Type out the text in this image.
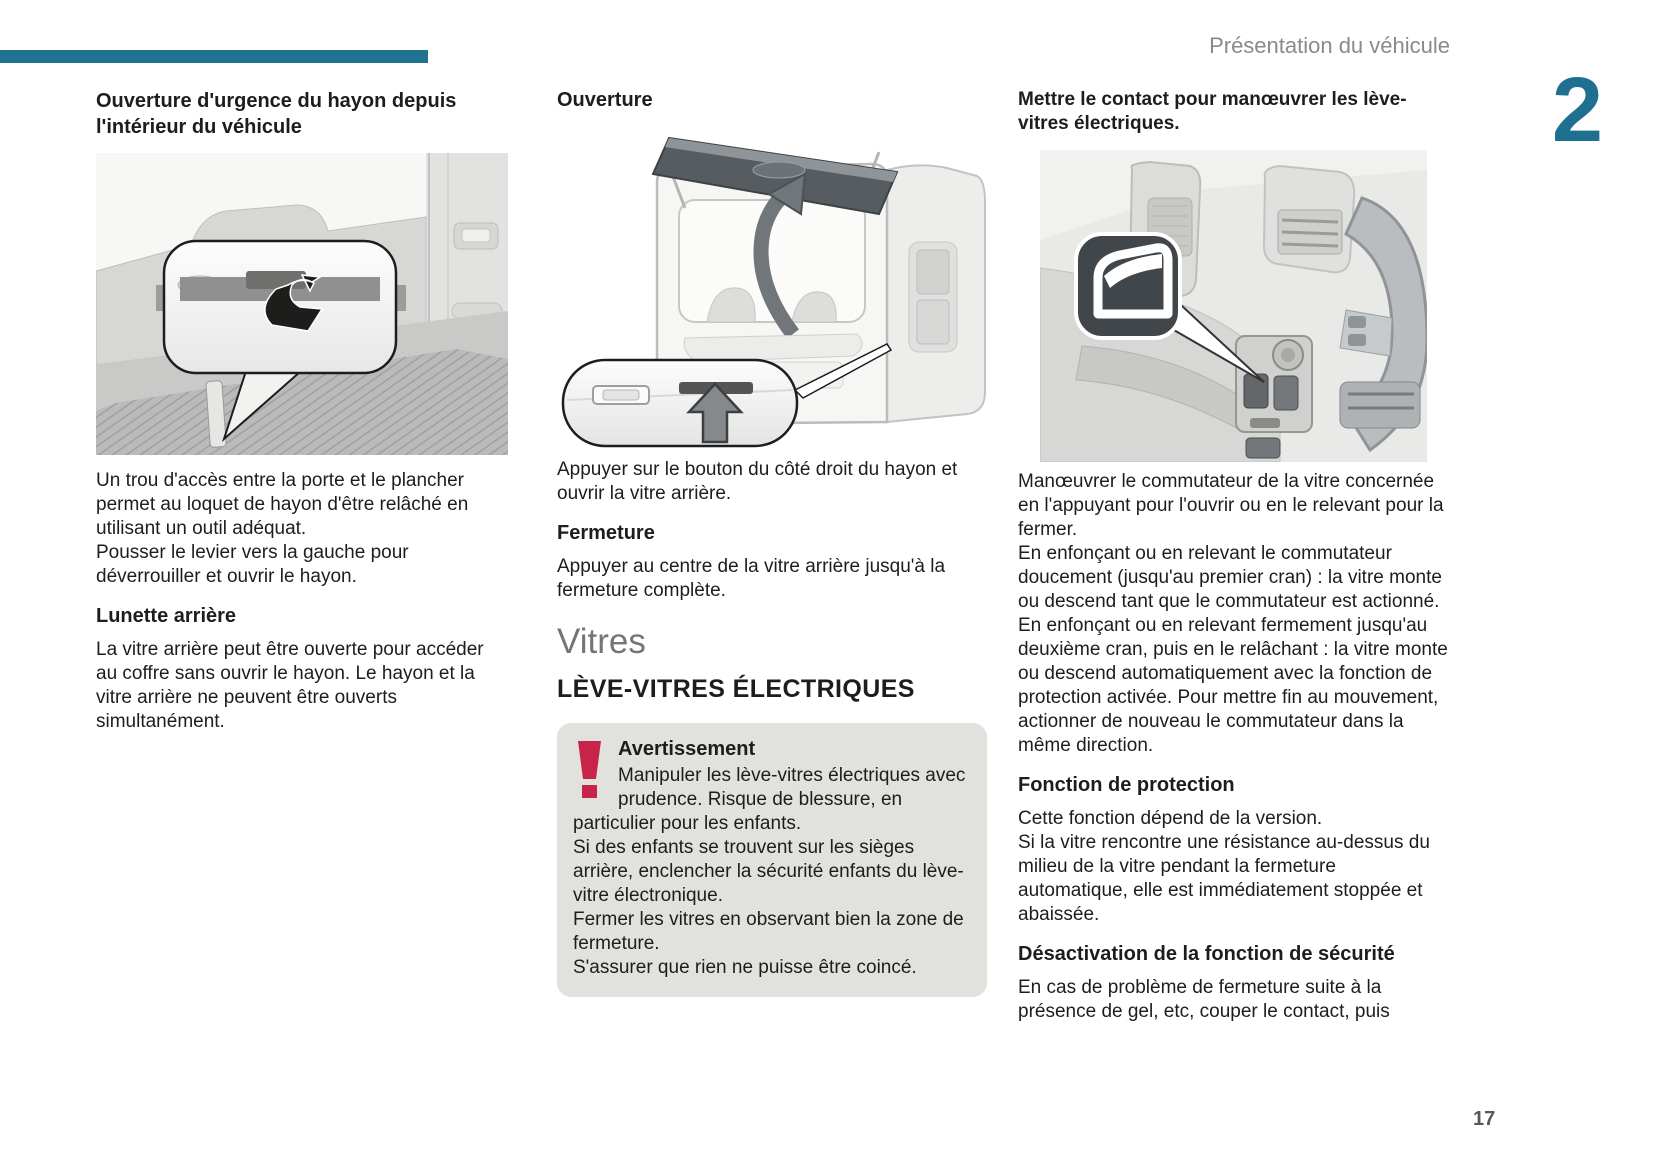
Présentation du véhicule
2
Ouverture d'urgence du hayon depuis l'intérieur du véhicule

Un trou d'accès entre la porte et le plancher permet au loquet de hayon d'être relâché en utilisant un outil adéquat.

Pousser le levier vers la gauche pour déverrouiller et ouvrir le hayon.

Lunette arrière

La vitre arrière peut être ouverte pour accéder au coffre sans ouvrir le hayon. Le hayon et la vitre arrière ne peuvent être ouverts simultanément.

Ouverture

Appuyer sur le bouton du côté droit du hayon et ouvrir la vitre arrière.

Fermeture

Appuyer au centre de la vitre arrière jusqu'à la fermeture complète.

Vitres
LÈVE-VITRES ÉLECTRIQUES
Avertissement

Manipuler les lève-vitres électriques avec prudence. Risque de blessure, en particulier pour les enfants.

Si des enfants se trouvent sur les sièges arrière, enclencher la sécurité enfants du lève-vitre électronique.

Fermer les vitres en observant bien la zone de fermeture.

S'assurer que rien ne puisse être coincé.

Mettre le contact pour manœuvrer les lève-vitres électriques.

Manœuvrer le commutateur de la vitre concernée en l'appuyant pour l'ouvrir ou en le relevant pour la fermer.

En enfonçant ou en relevant le commutateur doucement (jusqu'au premier cran) : la vitre monte ou descend tant que le commutateur est actionné.

En enfonçant ou en relevant fermement jusqu'au deuxième cran, puis en le relâchant : la vitre monte ou descend automatiquement avec la fonction de protection activée. Pour mettre fin au mouvement, actionner de nouveau le commutateur dans la même direction.

Fonction de protection

Cette fonction dépend de la version.

Si la vitre rencontre une résistance au-dessus du milieu de la vitre pendant la fermeture automatique, elle est immédiatement stoppée et abaissée.

Désactivation de la fonction de sécurité

En cas de problème de fermeture suite à la présence de gel, etc, couper le contact, puis

17
